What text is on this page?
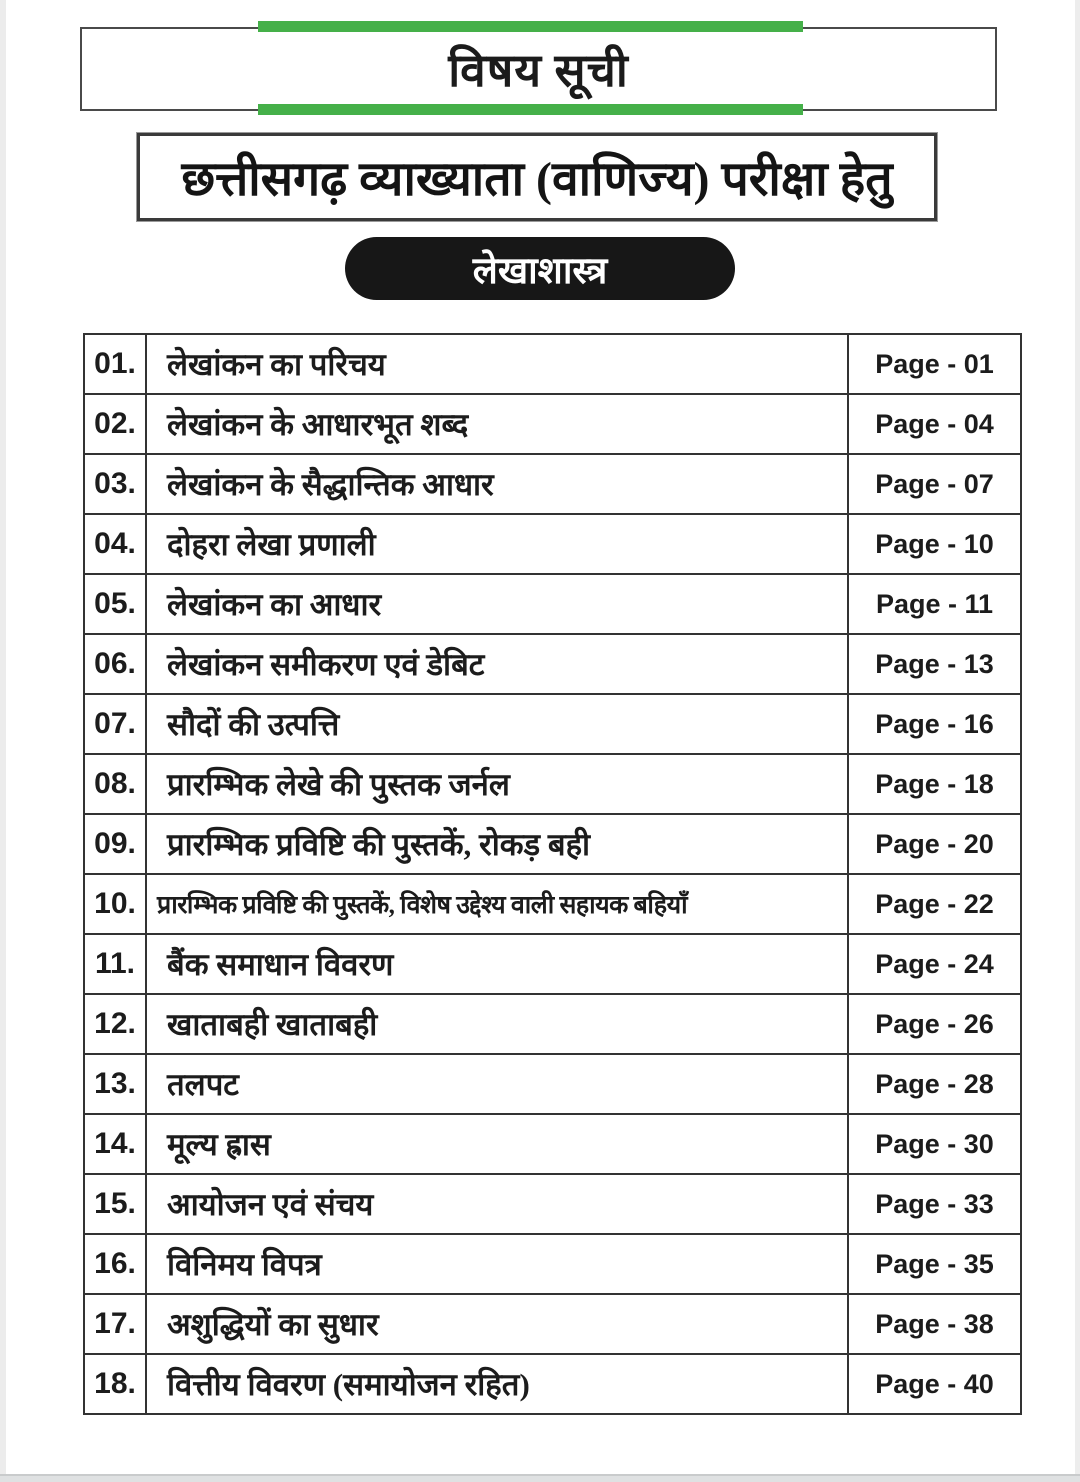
विषय सूची
छत्तीसगढ़ व्याख्याता (वाणिज्य) परीक्षा हेतु
लेखाशास्त्र
01.	लेखांकन का परिचय	Page - 01
02.	लेखांकन के आधारभूत शब्द	Page - 04
03.	लेखांकन के सैद्धान्तिक आधार	Page - 07
04.	दोहरा लेखा प्रणाली	Page - 10
05.	लेखांकन का आधार	Page - 11
06.	लेखांकन समीकरण एवं डेबिट	Page - 13
07.	सौदों की उत्पत्ति	Page - 16
08.	प्रारम्भिक लेखे की पुस्तक जर्नल	Page - 18
09.	प्रारम्भिक प्रविष्टि की पुस्तकें, रोकड़ बही	Page - 20
10.	प्रारम्भिक प्रविष्टि की पुस्तकें, विशेष उद्देश्य वाली सहायक बहियाँ	Page - 22
11.	बैंक समाधान विवरण	Page - 24
12.	खाताबही खाताबही	Page - 26
13.	तलपट	Page - 28
14.	मूल्य ह्रास	Page - 30
15.	आयोजन एवं संचय	Page - 33
16.	विनिमय विपत्र	Page - 35
17.	अशुद्धियों का सुधार	Page - 38
18.	वित्तीय विवरण (समायोजन रहित)	Page - 40
